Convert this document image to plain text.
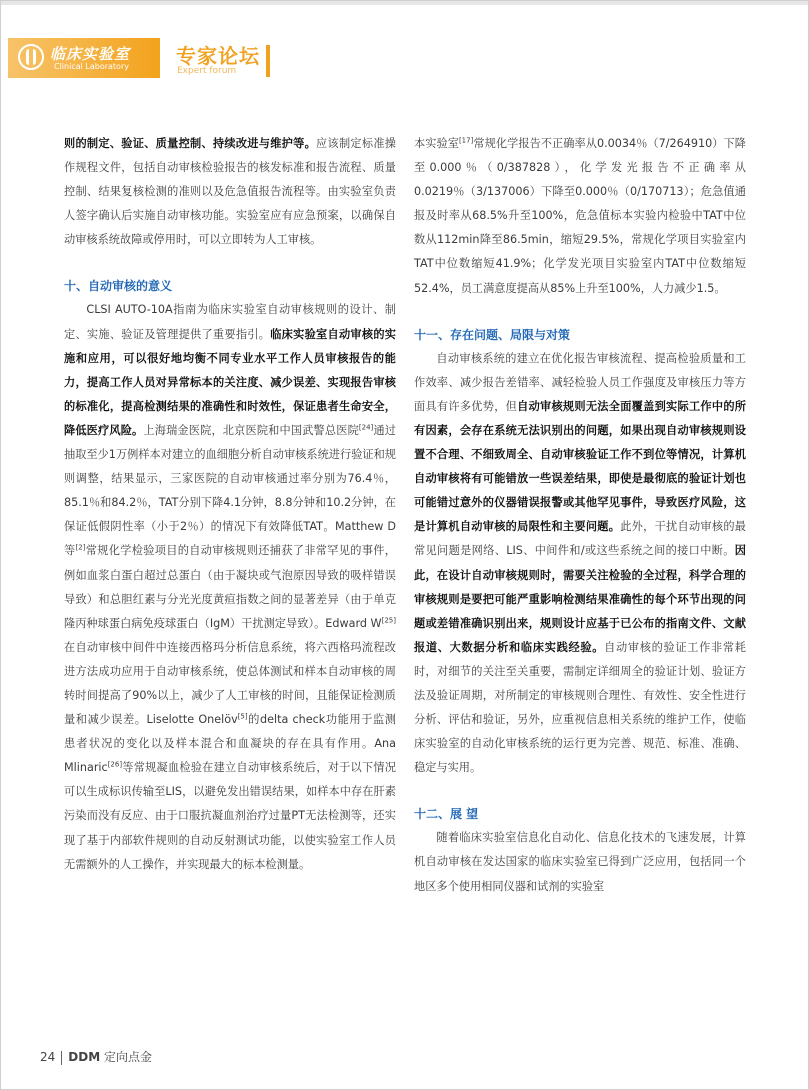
临床实验室
Clinical Laboratory 专家论坛
Expert forum

则的制定、验证、质量控制、持续改进与维护等。应该制定标准操作规程文件，包括自动审核检验报告的核发标准和报告流程、质量控制、结果复核检测的准则以及危急值报告流程等。由实验室负责人签字确认后实施自动审核功能。实验室应有应急预案，以确保自动审核系统故障或停用时，可以立即转为人工审核。

十、自动审核的意义

CLSI AUTO-10A指南为临床实验室自动审核规则的设计、制定、实施、验证及管理提供了重要指引。临床实验室自动审核的实施和应用，可以很好地均衡不同专业水平工作人员审核报告的能力，提高工作人员对异常标本的关注度、减少误差、实现报告审核的标准化，提高检测结果的准确性和时效性，保证患者生命安全，降低医疗风险。上海瑞金医院，北京医院和中国武警总医院[24]通过抽取至少1万例样本对建立的血细胞分析自动审核系统进行验证和规则调整，结果显示，三家医院的自动审核通过率分别为76.4％，85.1％和84.2％，TAT分别下降4.1分钟，8.8分钟和10.2分钟，在保证低假阴性率（小于2％）的情况下有效降低TAT。Matthew D等[2]常规化学检验项目的自动审核规则还捕获了非常罕见的事件，例如血浆白蛋白超过总蛋白（由于凝块或气泡原因导致的吸样错误导致）和总胆红素与分光光度黄疸指数之间的显著差异（由于单克隆丙种球蛋白病免疫球蛋白（IgM）干扰测定导致）。Edward W[25]在自动审核中间件中连接西格玛分析信息系统，将六西格玛流程改进方法成功应用于自动审核系统，使总体测试和样本自动审核的周转时间提高了90%以上，减少了人工审核的时间，且能保证检测质量和减少误差。Liselotte Onelöv[5]的delta check功能用于监测患者状况的变化以及样本混合和血凝块的存在具有作用。Ana Mlinaric[26]等常规凝血检验在建立自动审核系统后，对于以下情况可以生成标识传输至LIS，以避免发出错误结果，如样本中存在肝素污染而没有反应、由于口服抗凝血剂治疗过量PT无法检测等，还实现了基于内部软件规则的自动反射测试功能，以使实验室工作人员无需额外的人工操作，并实现最大的标本检测量。

本实验室[17]常规化学报告不正确率从0.0034％（7/264910）下降至0.000％（0/387828），化学发光报告不正确率从0.0219％（3/137006）下降至0.000％（0/170713）；危急值通报及时率从68.5%升至100%，危急值标本实验内检验中TAT中位数从112min降至86.5min，缩短29.5%，常规化学项目实验室内TAT中位数缩短41.9%；化学发光项目实验室内TAT中位数缩短52.4%，员工满意度提高从85%上升至100%，人力减少1.5。

十一、存在问题、局限与对策

自动审核系统的建立在优化报告审核流程、提高检验质量和工作效率、减少报告差错率、减轻检验人员工作强度及审核压力等方面具有许多优势，但自动审核规则无法全面覆盖到实际工作中的所有因素，会存在系统无法识别出的问题，如果出现自动审核规则设置不合理、不细致周全、自动审核验证工作不到位等情况，计算机自动审核将有可能错放一些误差结果，即使是最彻底的验证计划也可能错过意外的仪器错误报警或其他罕见事件，导致医疗风险，这是计算机自动审核的局限性和主要问题。此外，干扰自动审核的最常见问题是网络、LIS、中间件和/或这些系统之间的接口中断。因此，在设计自动审核规则时，需要关注检验的全过程，科学合理的审核规则是要把可能严重影响检测结果准确性的每个环节出现的问题或差错准确识别出来，规则设计应基于已公布的指南文件、文献报道、大数据分析和临床实践经验。自动审核的验证工作非常耗时，对细节的关注至关重要，需制定详细周全的验证计划、验证方法及验证周期，对所制定的审核规则合理性、有效性、安全性进行分析、评估和验证，另外，应重视信息相关系统的维护工作，使临床实验室的自动化审核系统的运行更为完善、规范、标准、准确、稳定与实用。

十二、展 望

随着临床实验室信息化自动化、信息化技术的飞速发展，计算机自动审核在发达国家的临床实验室已得到广泛应用，包括同一个地区多个使用相同仪器和试剂的实验室

24 DDM 定向点金
